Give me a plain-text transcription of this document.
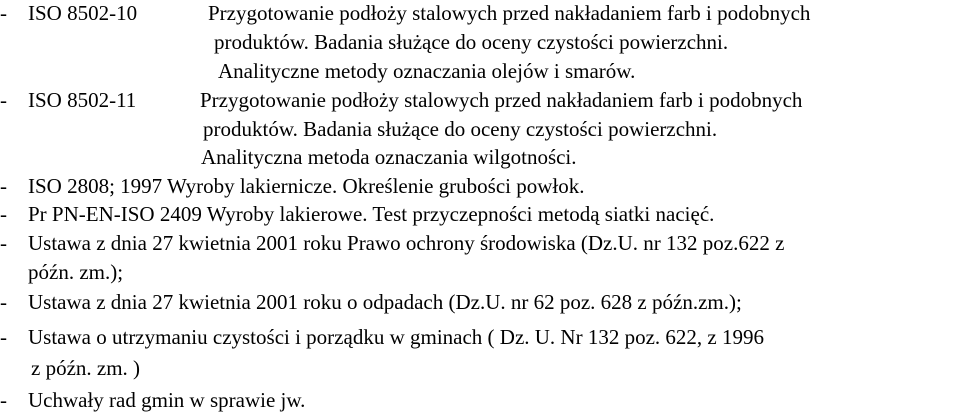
- ISO 8502-10	Przygotowanie podłoży stalowych przed nakładaniem farb i podobnych
produktów. Badania służące do oceny czystości powierzchni.
Analityczne metody oznaczania olejów i smarów.
- ISO 8502-11	Przygotowanie podłoży stalowych przed nakładaniem farb i podobnych
produktów. Badania służące do oceny czystości powierzchni.
Analityczna metoda oznaczania wilgotności.
- ISO 2808; 1997 Wyroby lakiernicze. Określenie grubości powłok.
- Pr PN-EN-ISO 2409 Wyroby lakierowe. Test przyczepności metodą siatki nacięć.
- Ustawa z dnia 27 kwietnia 2001 roku Prawo ochrony środowiska (Dz.U. nr 132 poz.622 z
późn. zm.);
- Ustawa z dnia 27 kwietnia 2001 roku o odpadach (Dz.U. nr 62 poz. 628 z późn.zm.);
- Ustawa o utrzymaniu czystości i porządku w gminach ( Dz. U. Nr 132 poz. 622, z 1996
z późn. zm. )
- Uchwały rad gmin w sprawie jw.
